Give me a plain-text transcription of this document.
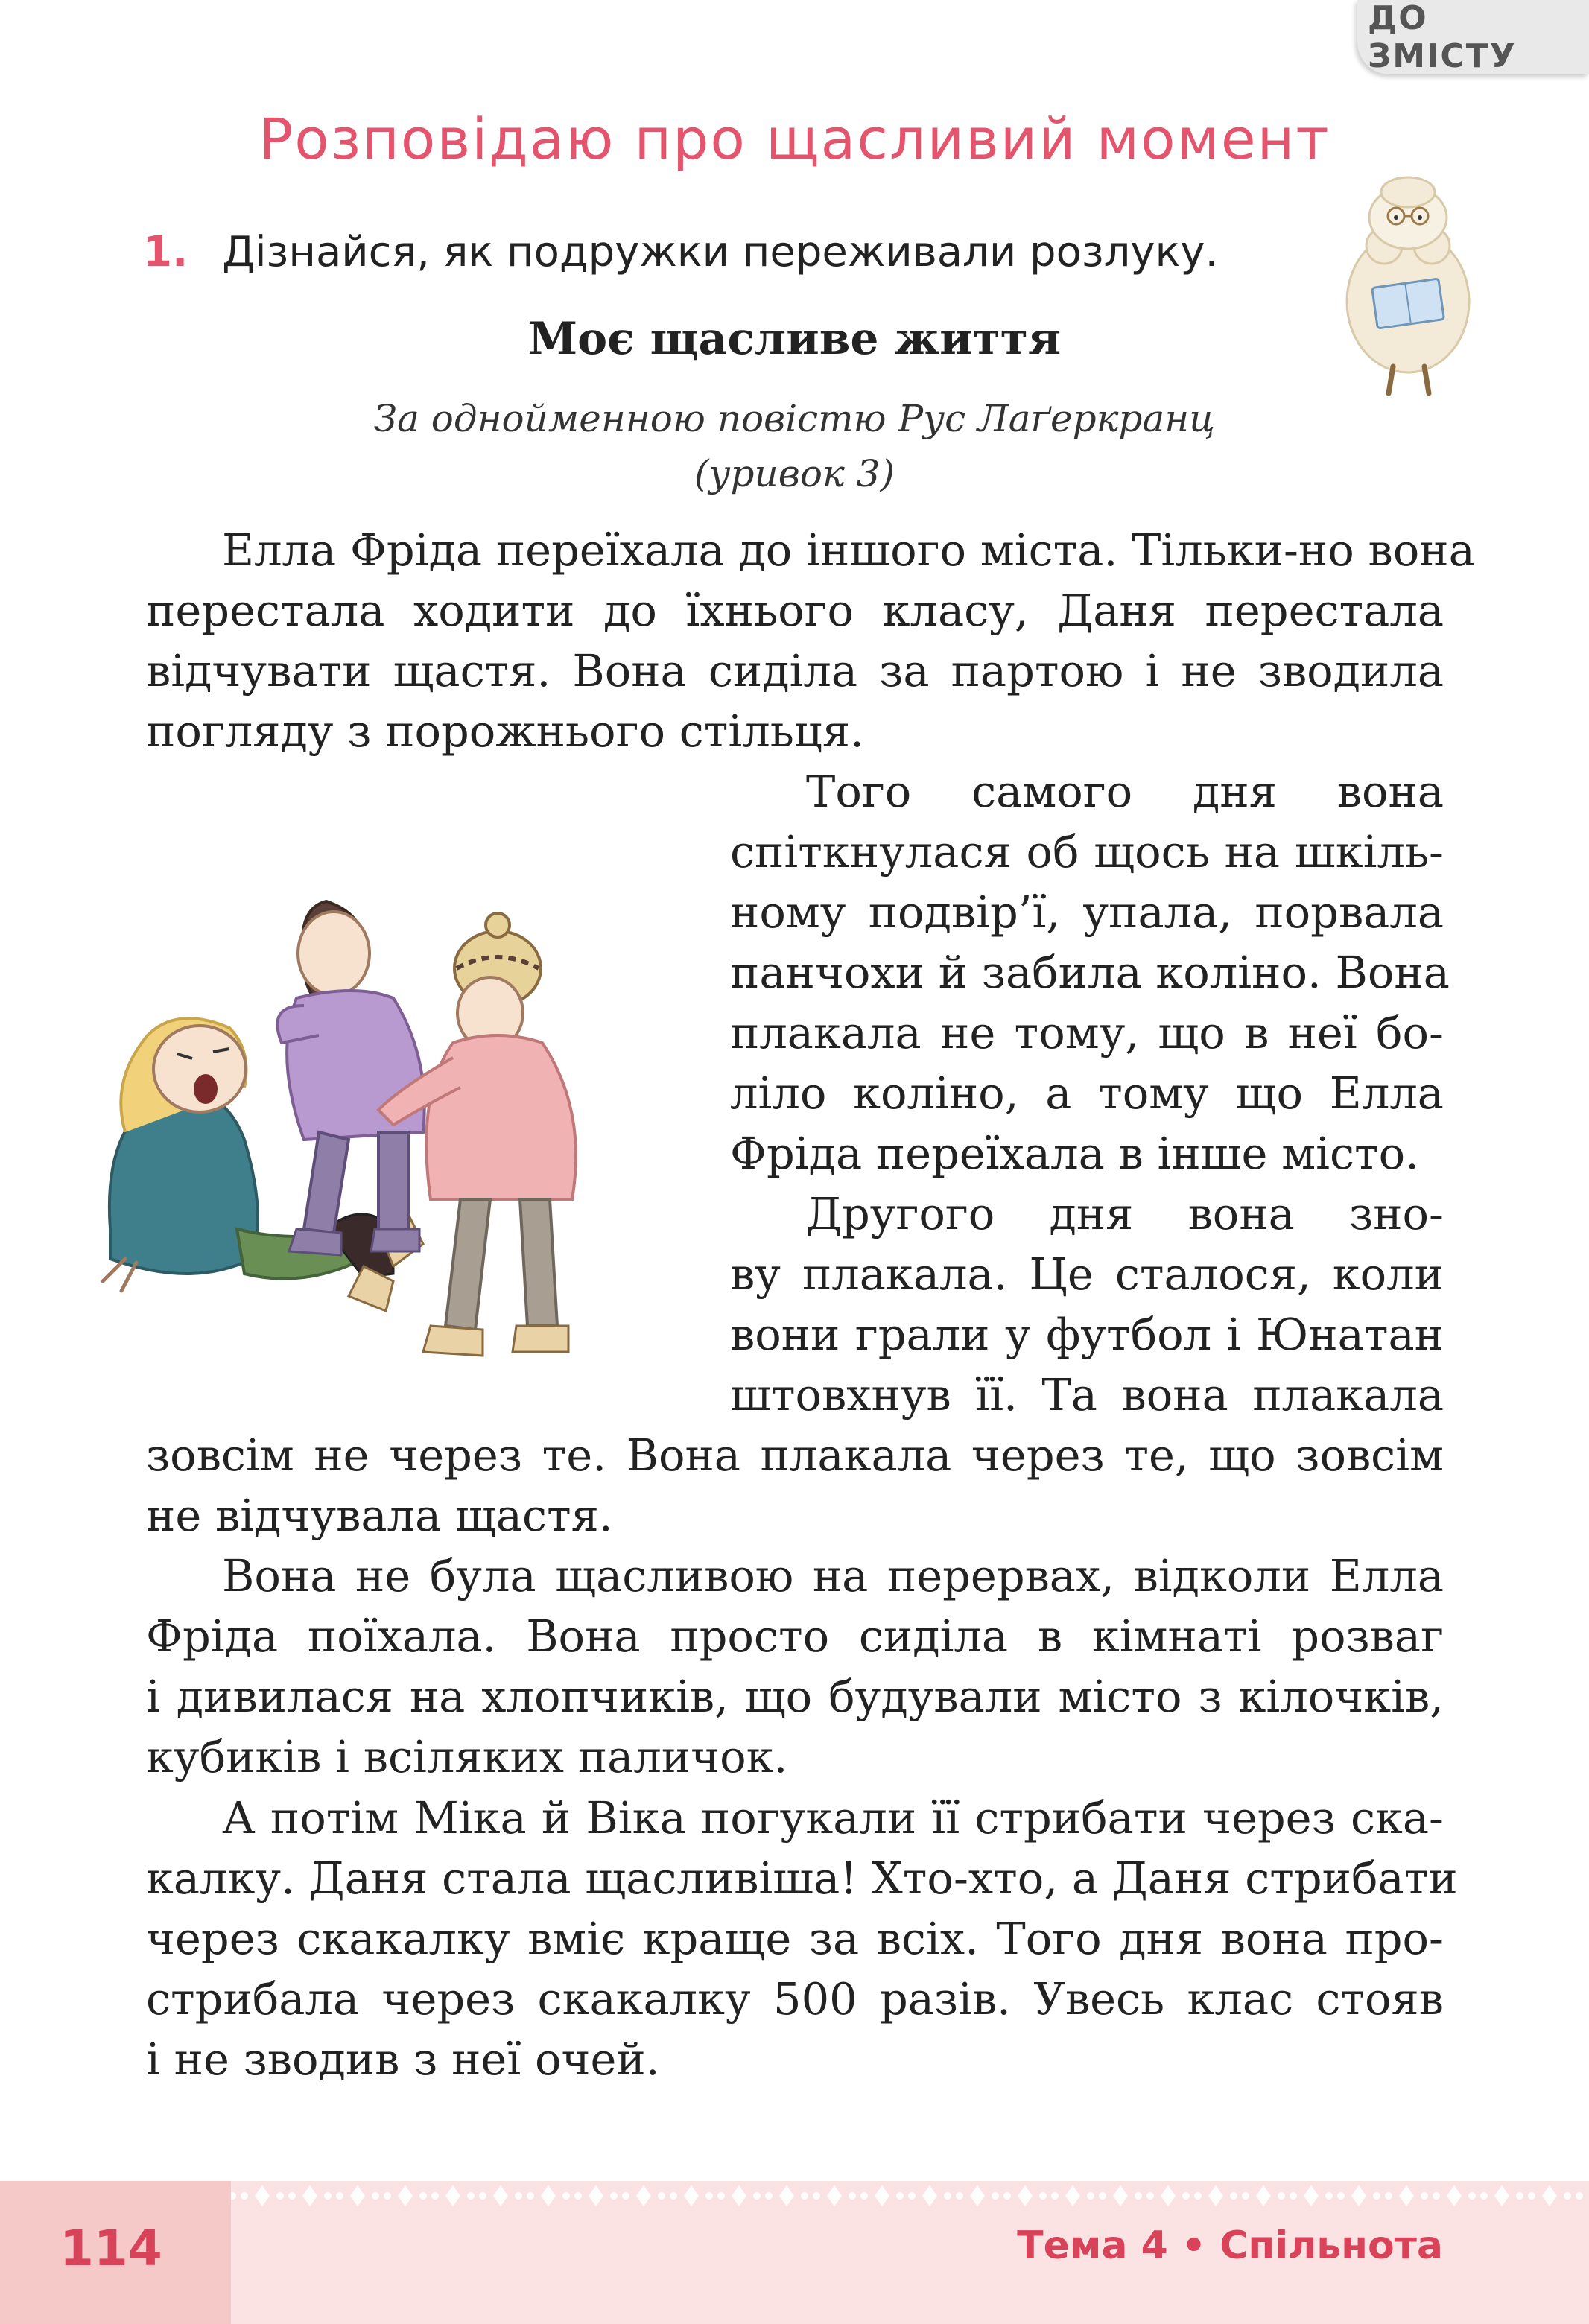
ДО ЗМІСТУ
Розповідаю про щасливий момент
1. Дізнайся, як подружки переживали розлуку.
Моє щасливе життя
За однойменною повістю Рус Лаґеркранц
(уривок 3)

Елла Фріда переїхала до іншого міста. Тільки-но вона
перестала ходити до їхнього класу, Даня перестала
відчувати щастя. Вона сиділа за партою і не зводила
погляду з порожнього стільця.

Того самого дня вона
спіткнулася об щось на шкіль-
ному подвір’ї, упала, порвала
панчохи й забила коліно. Вона
плакала не тому, що в неї бо-
ліло коліно, а тому що Елла
Фріда переїхала в інше місто.

Другого дня вона зно-
ву плакала. Це сталося, коли
вони грали у футбол і Юнатан
штовхнув її. Та вона плакала

зовсім не через те. Вона плакала через те, що зовсім
не відчувала щастя.

Вона не була щасливою на перервах, відколи Елла
Фріда поїхала. Вона просто сиділа в кімнаті розваг
і дивилася на хлопчиків, що будували місто з кілочків,
кубиків і всіляких паличок.

А потім Міка й Віка погукали її стрибати через ска-
калку. Даня стала щасливіша! Хто-хто, а Даня стрибати
через скакалку вміє краще за всіх. Того дня вона про-
стрибала через скакалку 500 разів. Увесь клас стояв
і не зводив з неї очей.

114	Тема 4 • Спільнота
